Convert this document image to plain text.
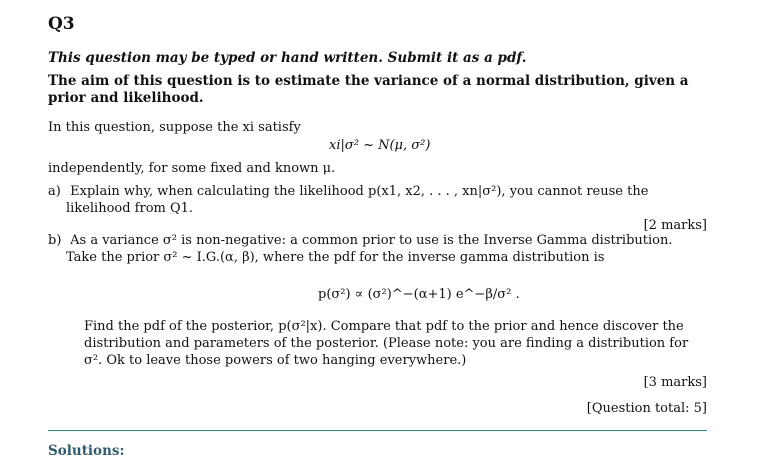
Q3
This question may be typed or hand written. Submit it as a pdf.
The aim of this question is to estimate the variance of a normal distribution, given a prior and likelihood.
In this question, suppose the xi satisfy
xi|σ² ~ N(μ, σ²)
independently, for some fixed and known μ.
a) Explain why, when calculating the likelihood p(x1, x2, . . . , xn|σ²), you cannot reuse the likelihood from Q1.
[2 marks]
b) As a variance σ² is non-negative: a common prior to use is the Inverse Gamma distribution. Take the prior σ² ~ I.G.(α, β), where the pdf for the inverse gamma distribution is
p(σ²) ∝ (σ²)^−(α+1) e^−β/σ² .
Find the pdf of the posterior, p(σ²|x). Compare that pdf to the prior and hence discover the distribution and parameters of the posterior. (Please note: you are finding a distribution for σ². Ok to leave those powers of two hanging everywhere.)
[3 marks]
[Question total: 5]
Solutions:
